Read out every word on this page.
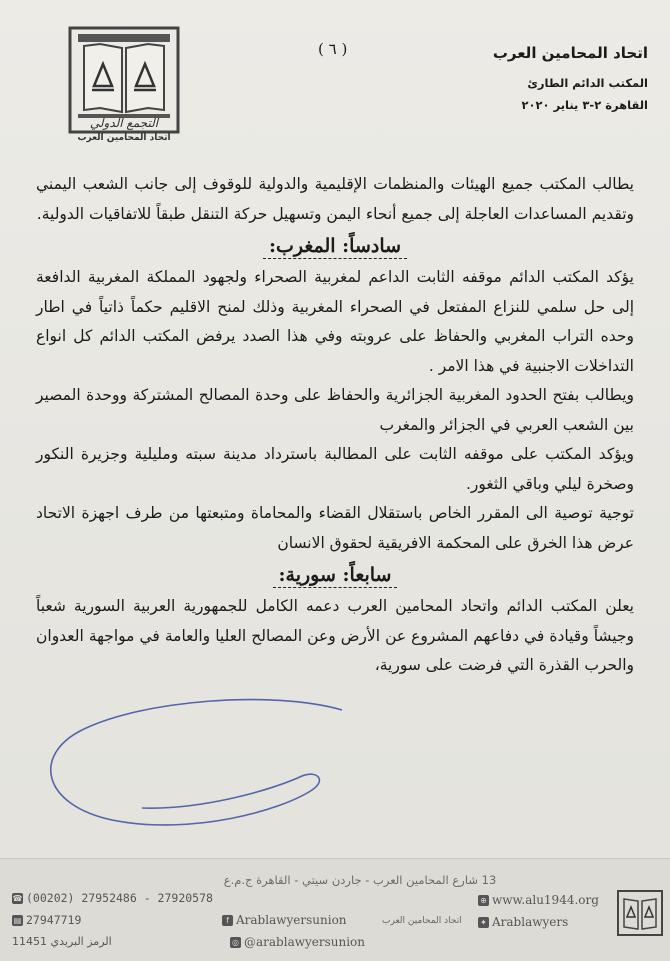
اتحاد المحامين العرب

المكتب الدائم الطارئ

القاهرة ٢-٣ يناير ٢٠٢٠

( ٦ )
التجمع الدولي
اتحاد المحامين العرب

يطالب المكتب جميع الهيئات والمنظمات الإقليمية والدولية للوقوف إلى جانب الشعب اليمني وتقديم المساعدات العاجلة إلى جميع أنحاء اليمن وتسهيل حركة التنقل طبقاً للاتفاقيات الدولية.

سادساً: المغرب:

يؤكد المكتب الدائم موقفه الثابت الداعم لمغربية الصحراء ولجهود المملكة المغربية الدافعة إلى حل سلمي للنزاع المفتعل في الصحراء المغربية وذلك لمنح الاقليم حكماً ذاتياً في اطار وحده التراب المغربي والحفاظ على عروبته وفي هذا الصدد يرفض المكتب الدائم كل انواع التداخلات الاجنبية في هذا الامر .

ويطالب بفتح الحدود المغربية الجزائرية والحفاظ على وحدة المصالح المشتركة ووحدة المصير بين الشعب العربي في الجزائر والمغرب

ويؤكد المكتب على موقفه الثابت على المطالبة باسترداد مدينة سبته ومليلية وجزيرة النكور وصخرة ليلي وباقي الثغور.

توجية توصية الى المقرر الخاص باستقلال القضاء والمحاماة ومتبعتها من طرف اجهزة الاتحاد عرض هذا الخرق على المحكمة الافريقية لحقوق الانسان

سابعاً: سورية:

يعلن المكتب الدائم واتحاد المحامين العرب دعمه الكامل للجمهورية العربية السورية شعباً وجيشاً وقيادة في دفاعهم المشروع عن الأرض وعن المصالح العليا والعامة في مواجهة العدوان والحرب القذرة التي فرضت على سورية،

13 شارع المحامين العرب - جاردن سيتي - القاهرة ج.م.ع
☎ (00202) 27952486 - 27920578
▤ 27947719
الرمز البريدي 11451
f Arablawyersunion	اتحاد المحامين العرب
◎ @arablawyersunion
⊕ www.alu1944.org
✦ Arablawyers
